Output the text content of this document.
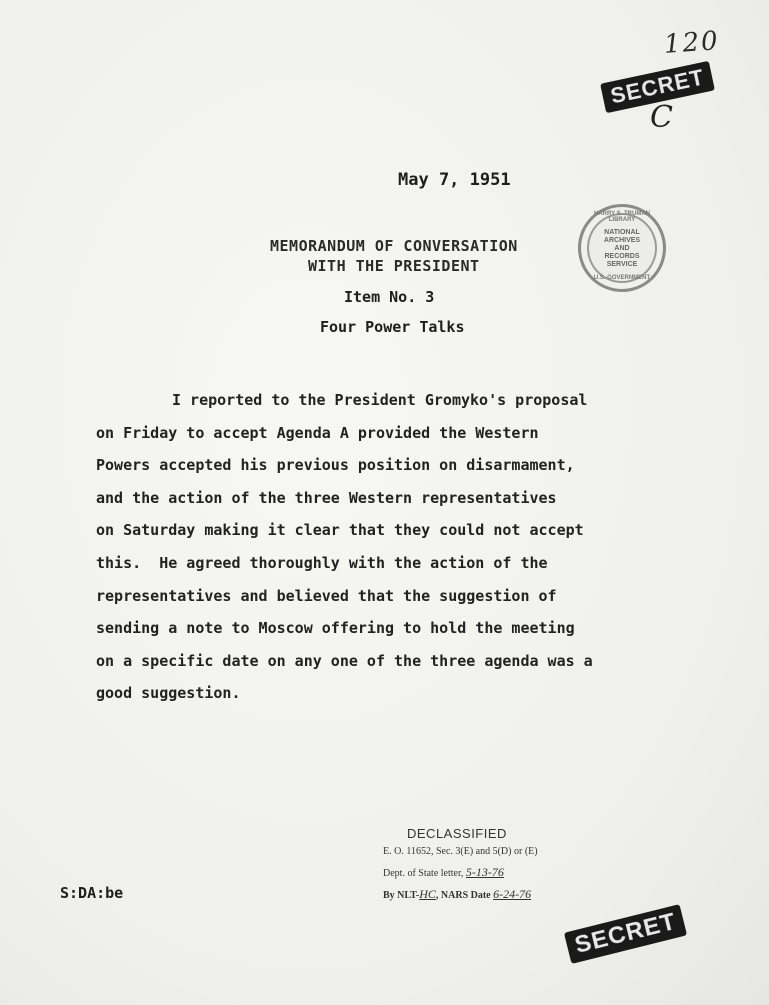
120
SECRET
C
May 7, 1951
MEMORANDUM OF CONVERSATION
WITH THE PRESIDENT
Item No. 3
Four Power Talks
HARRY S. TRUMAN LIBRARY
NATIONAL ARCHIVES AND RECORDS SERVICE
U.S. GOVERNMENT
I reported to the President Gromyko's proposal
on Friday to accept Agenda A provided the Western
Powers accepted his previous position on disarmament,
and the action of the three Western representatives
on Saturday making it clear that they could not accept
this.  He agreed thoroughly with the action of the
representatives and believed that the suggestion of
sending a note to Moscow offering to hold the meeting
on a specific date on any one of the three agenda was a
good suggestion.
DECLASSIFIED
E. O. 11652, Sec. 3(E) and 5(D) or (E)
Dept. of State letter, 5-13-76
By NLT-HC, NARS Date 6-24-76
S:DA:be
SECRET
